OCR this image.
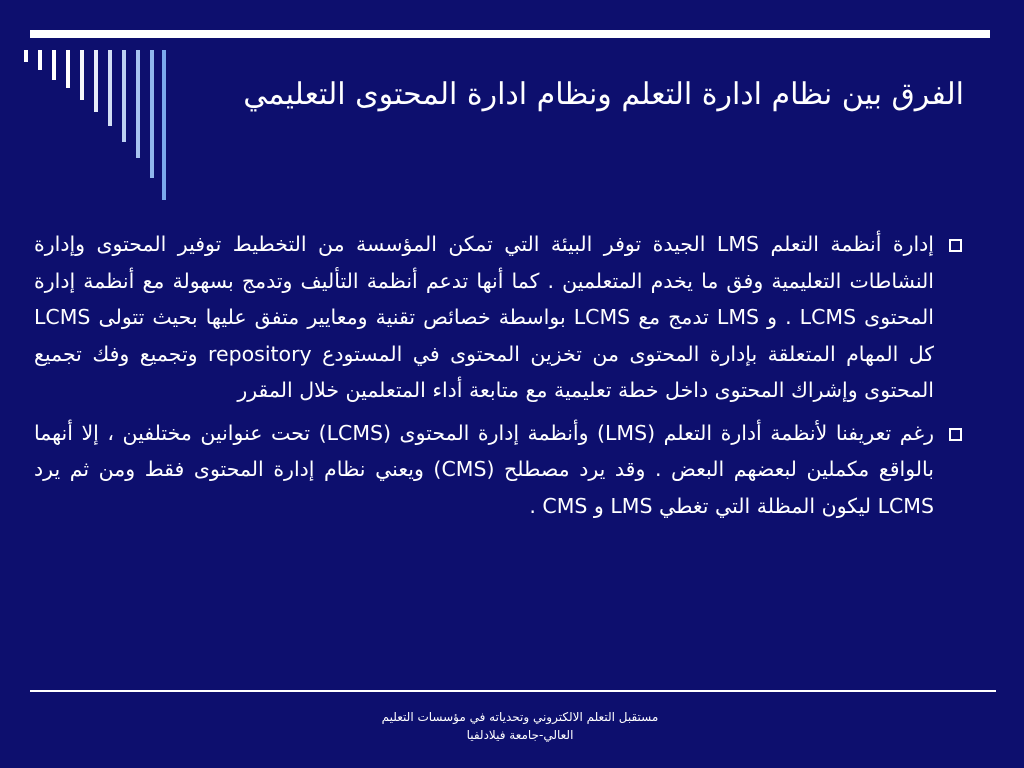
الفرق بين نظام ادارة التعلم ونظام ادارة المحتوى التعليمي
إدارة أنظمة التعلم LMS الجيدة توفر البيئة التي تمكن المؤسسة من التخطيط توفير المحتوى وإدارة النشاطات التعليمية وفق ما يخدم المتعلمين . كما أنها تدعم أنظمة التأليف وتدمج بسهولة مع أنظمة إدارة المحتوى LCMS . و LMS تدمج مع LCMS بواسطة خصائص تقنية ومعايير متفق عليها بحيث تتولى LCMS كل المهام المتعلقة بإدارة المحتوى من تخزين المحتوى في المستودع repository وتجميع وفك تجميع المحتوى وإشراك المحتوى داخل خطة تعليمية مع متابعة أداء المتعلمين خلال المقرر
رغم تعريفنا لأنظمة أدارة التعلم (LMS) وأنظمة إدارة المحتوى (LCMS) تحت عنوانين مختلفين ، إلا أنهما بالواقع مكملين لبعضهم البعض . وقد يرد مصطلح (CMS) ويعني نظام إدارة المحتوى فقط ومن ثم يرد LCMS ليكون المظلة التي تغطي LMS و CMS .
مستقبل التعلم الالكتروني وتحدياته في مؤسسات التعليم
العالي-جامعة فيلادلفيا
